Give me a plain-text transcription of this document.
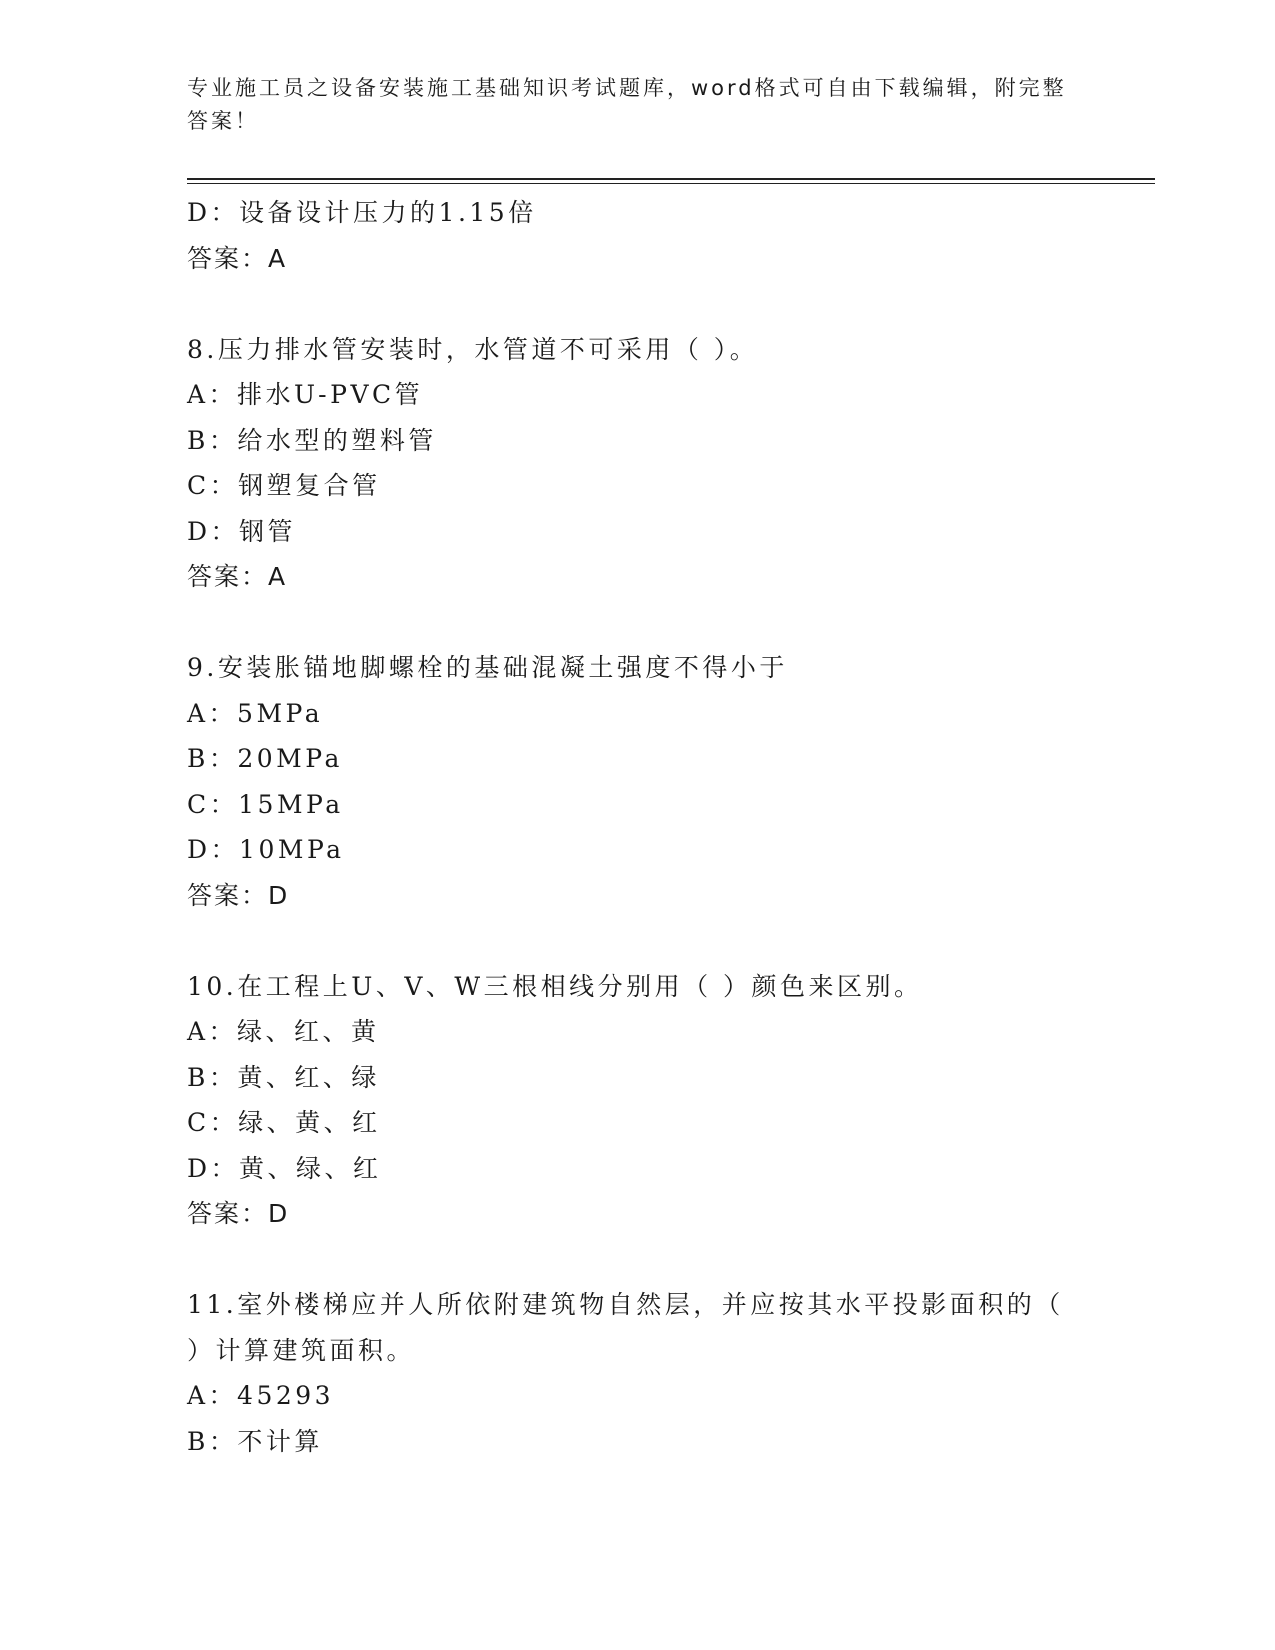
专业施工员之设备安装施工基础知识考试题库，word格式可自由下载编辑，附完整答案！
D：设备设计压力的1.15倍
答案：A
8.压力排水管安装时，水管道不可采用（ ）。
A：排水U-PVC管
B：给水型的塑料管
C：钢塑复合管
D：钢管
答案：A
9.安装胀锚地脚螺栓的基础混凝土强度不得小于
A：5MPa
B：20MPa
C：15MPa
D：10MPa
答案：D
10.在工程上U、V、W三根相线分别用（ ）颜色来区别。
A：绿、红、黄
B：黄、红、绿
C：绿、黄、红
D：黄、绿、红
答案：D
11.室外楼梯应并人所依附建筑物自然层，并应按其水平投影面积的（
）计算建筑面积。
A：45293
B：不计算
